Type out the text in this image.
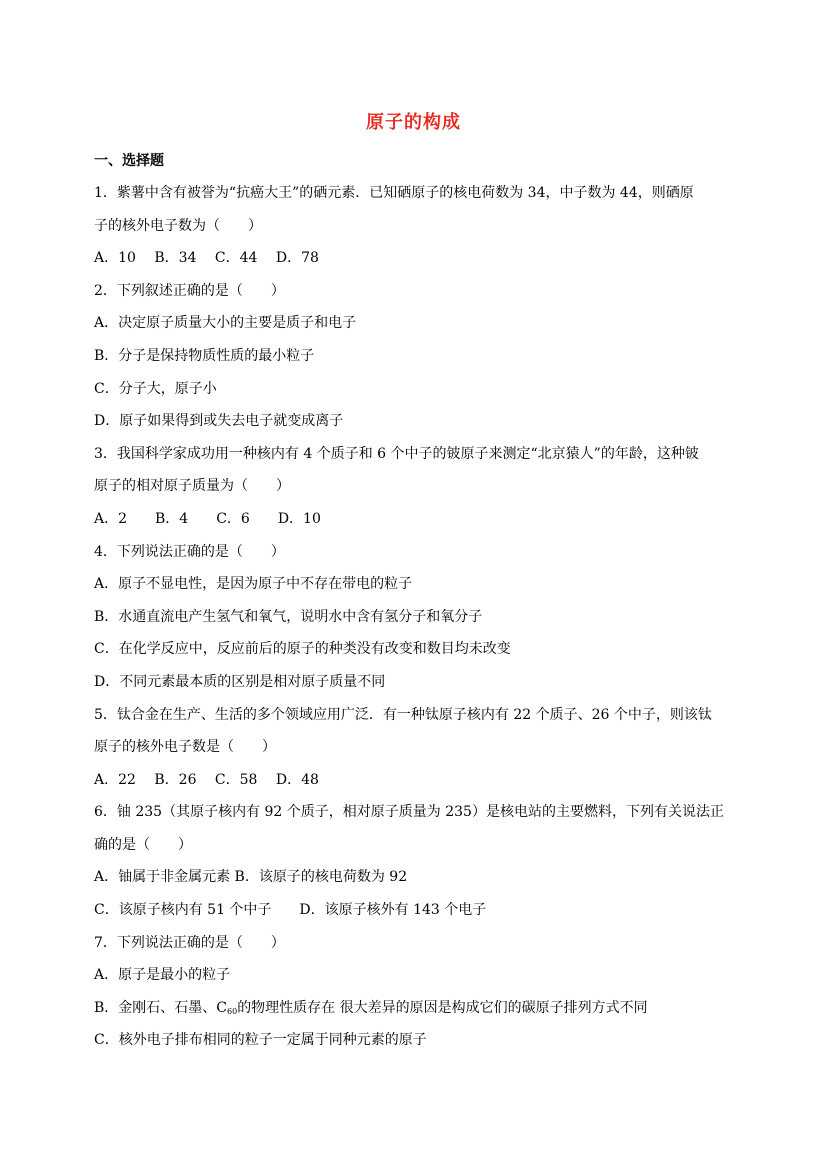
原子的构成
一、选择题
1．紫薯中含有被誉为“抗癌大王”的硒元素．已知硒原子的核电荷数为 34，中子数为 44，则硒原
子的核外电子数为（　　）
A．10　 B．34　 C．44　 D．78
2．下列叙述正确的是（　　）
A．决定原子质量大小的主要是质子和电子
B．分子是保持物质性质的最小粒子
C．分子大，原子小
D．原子如果得到或失去电子就变成离子
3．我国科学家成功用一种核内有 4 个质子和 6 个中子的铍原子来测定“北京猿人”的年龄，这种铍
原子的相对原子质量为（　　）
A．2　　B．4　　C．6　　D．10
4．下列说法正确的是（　　）
A．原子不显电性，是因为原子中不存在带电的粒子
B．水通直流电产生氢气和氧气，说明水中含有氢分子和氧分子
C．在化学反应中，反应前后的原子的种类没有改变和数目均未改变
D．不同元素最本质的区别是相对原子质量不同
5．钛合金在生产、生活的多个领域应用广泛．有一种钛原子核内有 22 个质子、26 个中子，则该钛
原子的核外电子数是（　　）
A．22　 B．26　 C．58　 D．48
6．铀 235（其原子核内有 92 个质子，相对原子质量为 235）是核电站的主要燃料，下列有关说法正
确的是（　　）
A．铀属于非金属元素 B．该原子的核电荷数为 92
C．该原子核内有 51 个中子　　D．该原子核外有 143 个电子
7．下列说法正确的是（　　）
A．原子是最小的粒子
B．金刚石、石墨、$C_{60}$的物理性质存在 很大差异的原因是构成它们的碳原子排列方式不同
C．核外电子排布相同的粒子一定属于同种元素的原子
